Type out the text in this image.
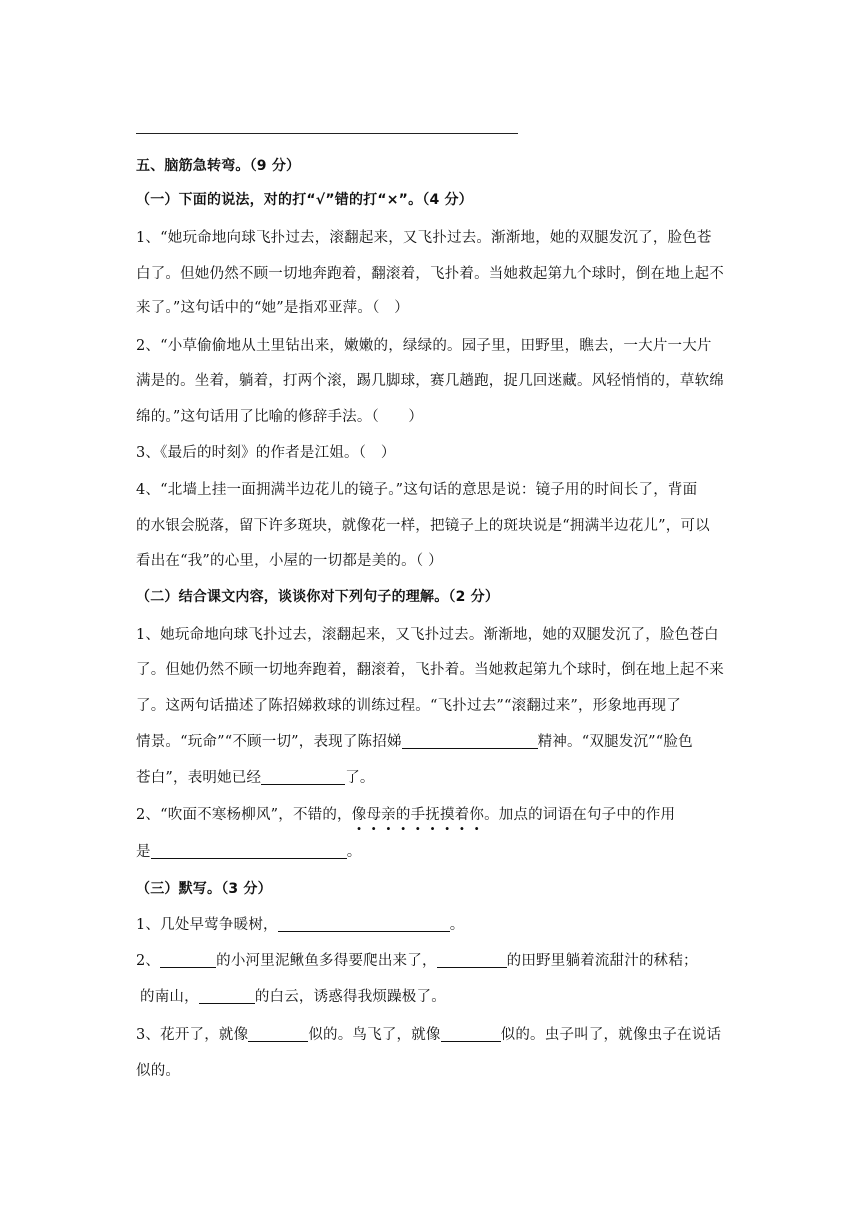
五、脑筋急转弯。（9 分）
（一）下面的说法，对的打“√”错的打“×”。（4 分）
1、“她玩命地向球飞扑过去，滚翻起来，又飞扑过去。渐渐地，她的双腿发沉了，脸色苍
白了。但她仍然不顾一切地奔跑着，翻滚着，飞扑着。当她救起第九个球时，倒在地上起不
来了。”这句话中的“她”是指邓亚萍。（　）
2、“小草偷偷地从土里钻出来，嫩嫩的，绿绿的。园子里，田野里，瞧去，一大片一大片
满是的。坐着，躺着，打两个滚，踢几脚球，赛几趟跑，捉几回迷藏。风轻悄悄的，草软绵
绵的。”这句话用了比喻的修辞手法。（　　）
3、《最后的时刻》的作者是江姐。（　）
4、“北墙上挂一面拥满半边花儿的镜子。”这句话的意思是说：镜子用的时间长了，背面
的水银会脱落，留下许多斑块，就像花一样，把镜子上的斑块说是“拥满半边花儿”，可以
看出在“我”的心里，小屋的一切都是美的。（ ）
（二）结合课文内容，谈谈你对下列句子的理解。（2 分）
1、她玩命地向球飞扑过去，滚翻起来，又飞扑过去。渐渐地，她的双腿发沉了，脸色苍白
了。但她仍然不顾一切地奔跑着，翻滚着，飞扑着。当她救起第九个球时，倒在地上起不来
了。这两句话描述了陈招娣救球的训练过程。“飞扑过去”“滚翻过来”，形象地再现了
情景。“玩命”“不顾一切”，表现了陈招娣	精神。“双腿发沉”“脸色
苍白”，表明她已经	了。
2、“吹面不寒杨柳风”，不错的，像母亲的手抚摸着你。加点的词语在句子中的作用
是	。
（三）默写。（3 分）
1、几处早莺争暖树，	。
2、	的小河里泥鳅鱼多得要爬出来了，	的田野里躺着流甜汁的秫秸；
的南山，	的白云，诱惑得我烦躁极了。
3、花开了，就像	似的。鸟飞了，就像	似的。虫子叫了，就像虫子在说话
似的。
